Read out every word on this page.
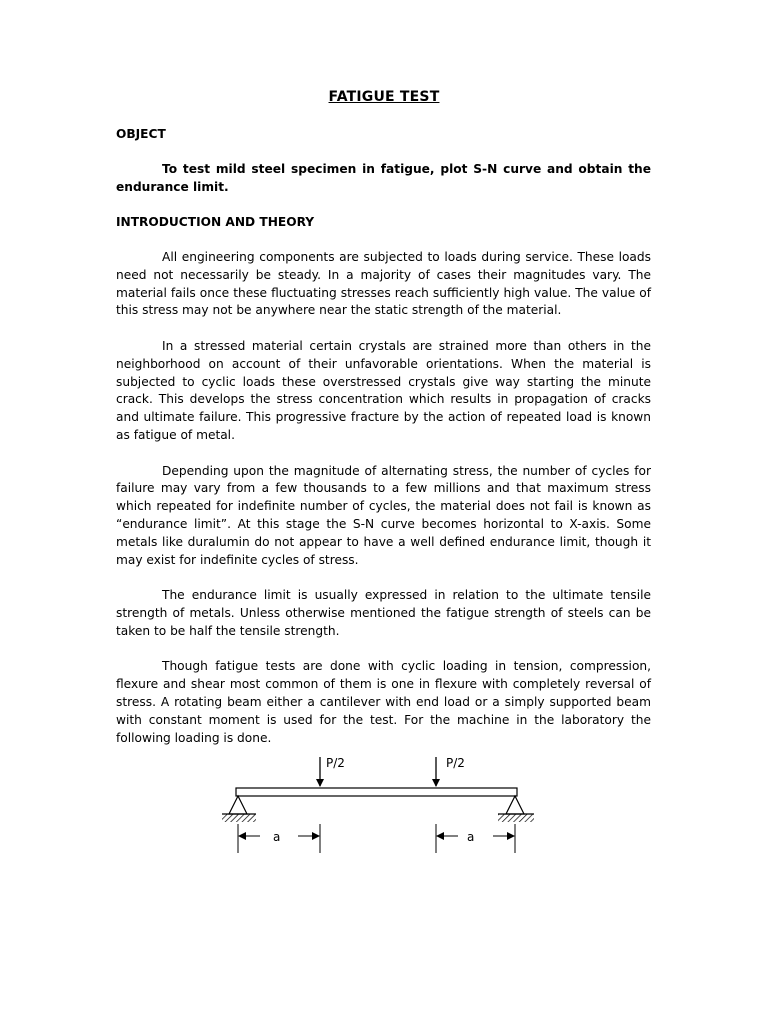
FATIGUE TEST
OBJECT

To test mild steel specimen in fatigue, plot S-N curve and obtain the endurance limit.

INTRODUCTION AND THEORY

All engineering components are subjected to loads during service. These loads need not necessarily be steady. In a majority of cases their magnitudes vary. The material fails once these fluctuating stresses reach sufficiently high value. The value of this stress may not be anywhere near the static strength of the material.

In a stressed material certain crystals are strained more than others in the neighborhood on account of their unfavorable orientations. When the material is subjected to cyclic loads these overstressed crystals give way starting the minute crack. This develops the stress concentration which results in propagation of cracks and ultimate failure. This progressive fracture by the action of repeated load is known as fatigue of metal.

Depending upon the magnitude of alternating stress, the number of cycles for failure may vary from a few thousands to a few millions and that maximum stress which repeated for indefinite number of cycles, the material does not fail is known as “endurance limit”. At this stage the S-N curve becomes horizontal to X-axis. Some metals like duralumin do not appear to have a well defined endurance limit, though it may exist for indefinite cycles of stress.

The endurance limit is usually expressed in relation to the ultimate tensile strength of metals. Unless otherwise mentioned the fatigue strength of steels can be taken to be half the tensile strength.

Though fatigue tests are done with cyclic loading in tension, compression, flexure and shear most common of them is one in flexure with completely reversal of stress. A rotating beam either a cantilever with end load or a simply supported beam with constant moment is used for the test. For the machine in the laboratory the following loading is done.

P/2	P/2
a	a
